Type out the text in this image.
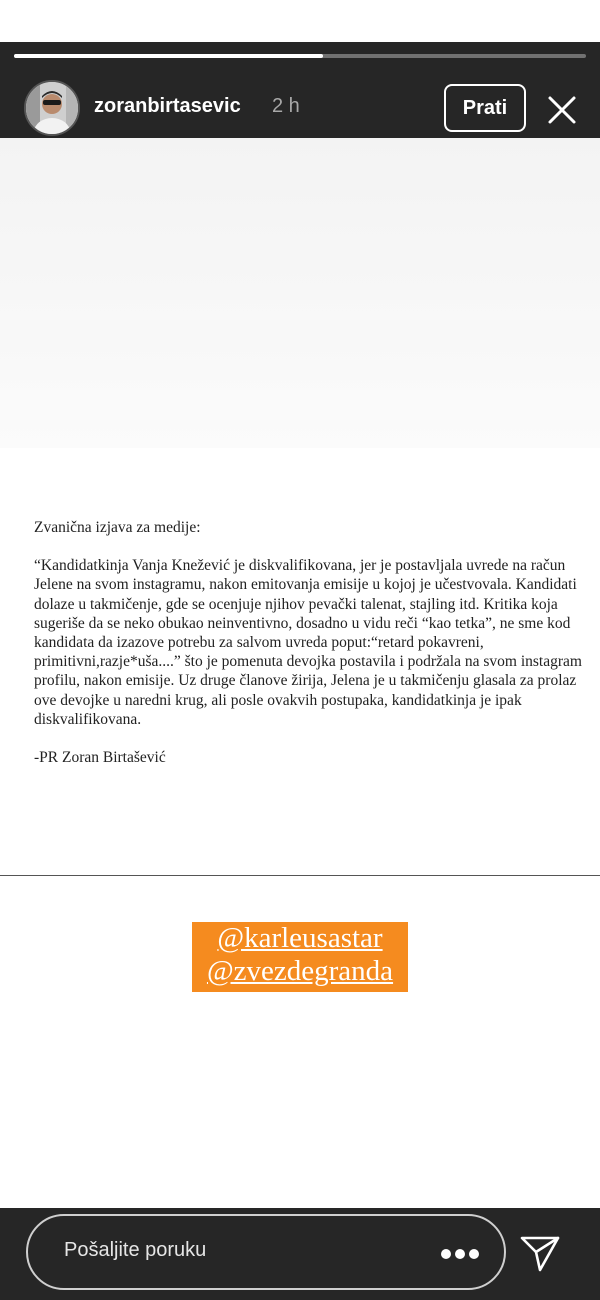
zoranbirtasevic 2 h	Prati

Zvanična izjava za medije:

“Kandidatkinja Vanja Knežević je diskvalifikovana, jer je postavljala uvrede na račun Jelene na svom instagramu, nakon emitovanja emisije u kojoj je učestvovala. Kandidati dolaze u takmičenje, gde se ocenjuje njihov pevački talenat, stajling itd. Kritika koja sugeriše da se neko obukao neinventivno, dosadno u vidu reči “kao tetka”, ne sme kod kandidata da izazove potrebu za salvom uvreda poput:“retard pokavreni, primitivni,razje*uša....” što je pomenuta devojka postavila i podržala na svom instagram profilu, nakon emisije. Uz druge članove žirija, Jelena je u takmičenju glasala za prolaz ove devojke u naredni krug, ali posle ovakvih postupaka, kandidatkinja je ipak diskvalifikovana.

-PR Zoran Birtašević

@karleusastar
@zvezdegranda
Pošaljite poruku
